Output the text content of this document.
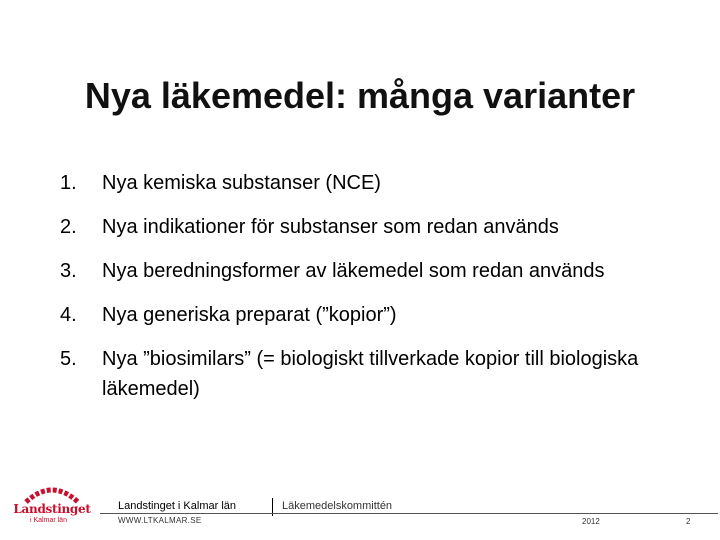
Nya läkemedel: många varianter
1.	Nya kemiska substanser (NCE)
2.	Nya indikationer för substanser som redan används
3.	Nya beredningsformer av läkemedel som redan används
4.	Nya generiska preparat (”kopior”)
5.	Nya ”biosimilars” (= biologiskt tillverkade kopior till biologiska läkemedel)
Landstinget
i Kalmar län
Landstinget i Kalmar län
WWW.LTKALMAR.SE
Läkemedelskommittén
2012	2
